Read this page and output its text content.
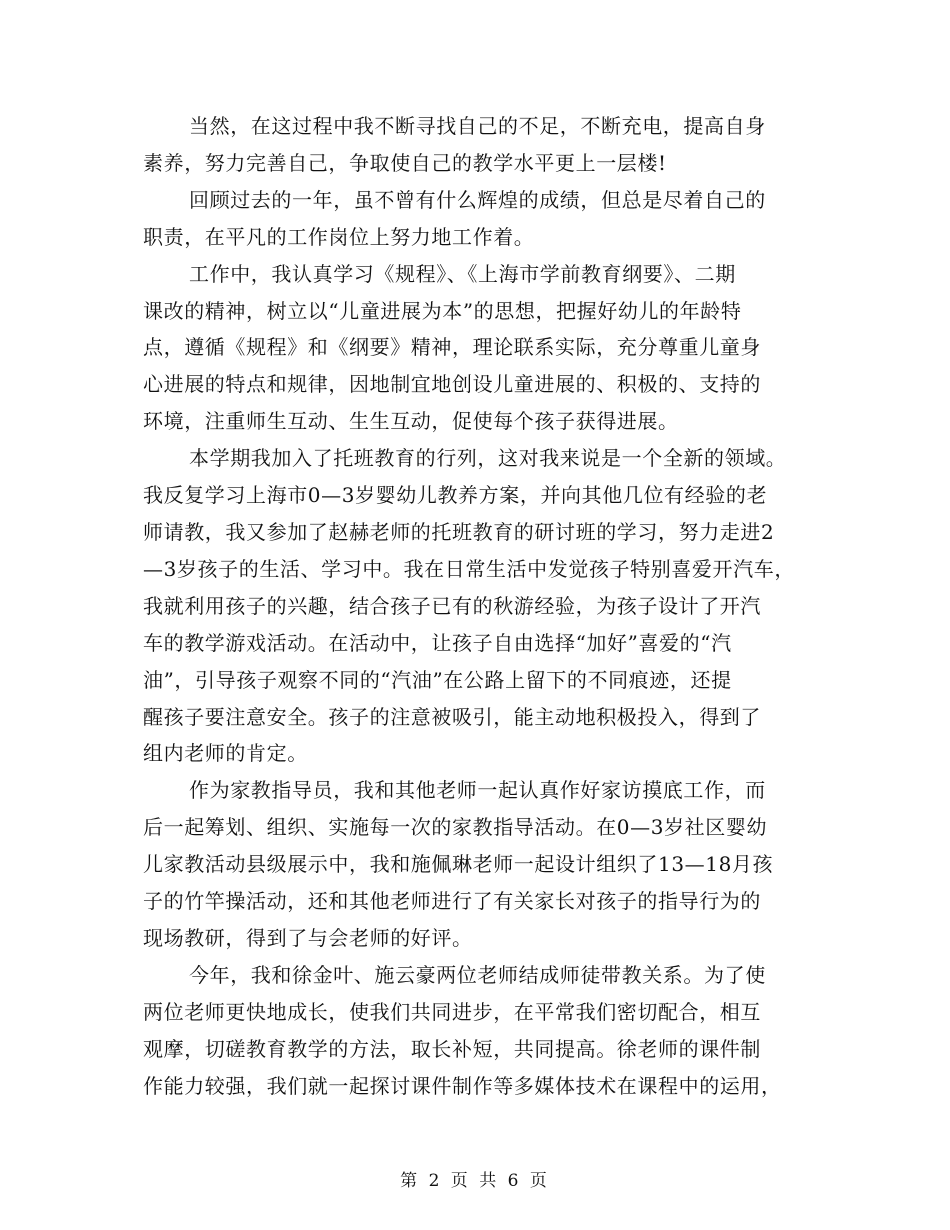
当然，在这过程中我不断寻找自己的不足，不断充电，提高自身
素养，努力完善自己，争取使自己的教学水平更上一层楼!

回顾过去的一年，虽不曾有什么辉煌的成绩，但总是尽着自己的
职责，在平凡的工作岗位上努力地工作着。

工作中，我认真学习《规程》、《上海市学前教育纲要》、二期
课改的精神，树立以“儿童进展为本”的思想，把握好幼儿的年龄特
点，遵循《规程》和《纲要》精神，理论联系实际，充分尊重儿童身
心进展的特点和规律，因地制宜地创设儿童进展的、积极的、支持的
环境，注重师生互动、生生互动，促使每个孩子获得进展。

本学期我加入了托班教育的行列，这对我来说是一个全新的领域。
我反复学习上海市0—3岁婴幼儿教养方案，并向其他几位有经验的老
师请教，我又参加了赵赫老师的托班教育的研讨班的学习，努力走进2
—3岁孩子的生活、学习中。我在日常生活中发觉孩子特别喜爱开汽车，
我就利用孩子的兴趣，结合孩子已有的秋游经验，为孩子设计了开汽
车的教学游戏活动。在活动中，让孩子自由选择“加好”喜爱的“汽
油”，引导孩子观察不同的“汽油”在公路上留下的不同痕迹，还提
醒孩子要注意安全。孩子的注意被吸引，能主动地积极投入，得到了
组内老师的肯定。

作为家教指导员，我和其他老师一起认真作好家访摸底工作，而
后一起筹划、组织、实施每一次的家教指导活动。在0—3岁社区婴幼
儿家教活动县级展示中，我和施佩琳老师一起设计组织了13—18月孩
子的竹竿操活动，还和其他老师进行了有关家长对孩子的指导行为的
现场教研，得到了与会老师的好评。

今年，我和徐金叶、施云豪两位老师结成师徒带教关系。为了使
两位老师更快地成长，使我们共同进步，在平常我们密切配合，相互
观摩，切磋教育教学的方法，取长补短，共同提高。徐老师的课件制
作能力较强，我们就一起探讨课件制作等多媒体技术在课程中的运用，

第 2 页 共 6 页
